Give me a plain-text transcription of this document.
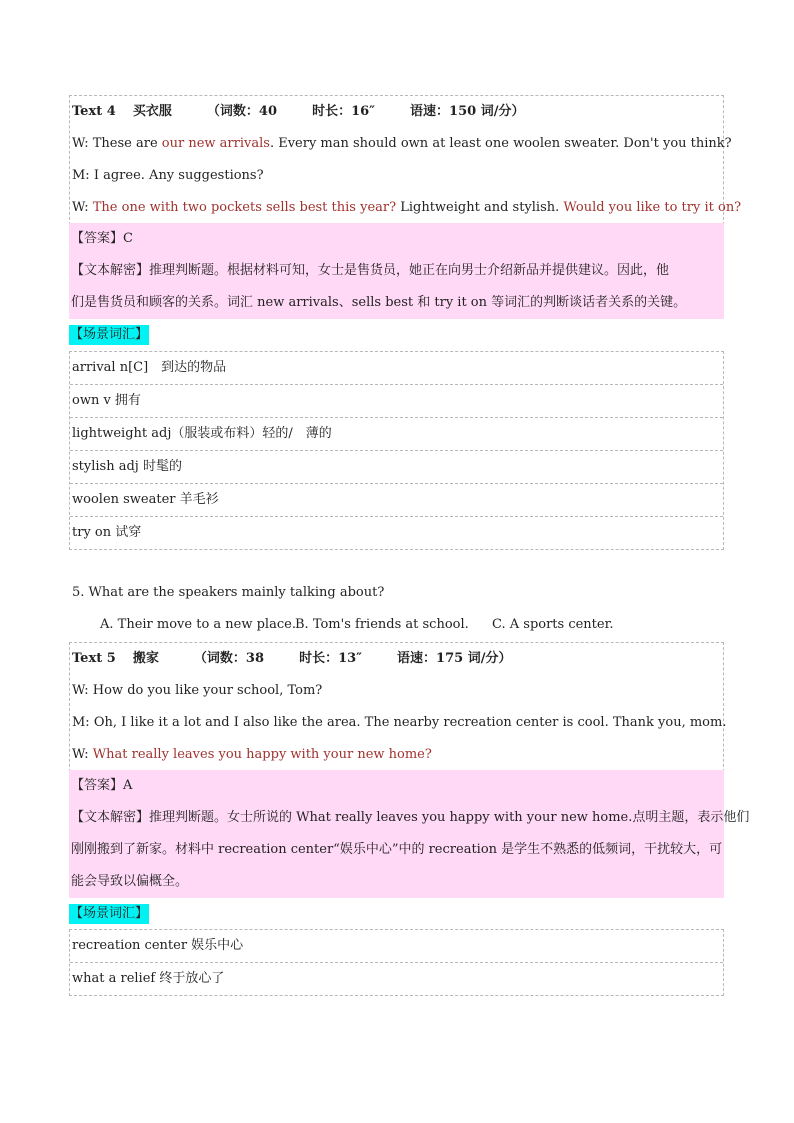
Text 4 买衣服	（词数：40	时长：16″	语速：150 词/分）
W: These are our new arrivals. Every man should own at least one woolen sweater. Don't you think?
M: I agree. Any suggestions?
W: The one with two pockets sells best this year? Lightweight and stylish. Would you like to try it on?
【答案】C
【文本解密】推理判断题。根据材料可知，女士是售货员，她正在向男士介绍新品并提供建议。因此，他
们是售货员和顾客的关系。词汇 new arrivals、sells best 和 try it on 等词汇的判断谈话者关系的关键。
【场景词汇】
arrival n[C]　到达的物品
own v 拥有
lightweight adj（服装或布料）轻的/　薄的
stylish adj 时髦的
woolen sweater 羊毛衫
try on 试穿
5. What are the speakers mainly talking about?
A. Their move to a new place. B. Tom's friends at school. C. A sports center.
Text 5 搬家	（词数：38	时长：13″	语速：175 词/分）
W: How do you like your school, Tom?
M: Oh, I like it a lot and I also like the area. The nearby recreation center is cool. Thank you, mom.
W: What really leaves you happy with your new home?
【答案】A
【文本解密】推理判断题。女士所说的 What really leaves you happy with your new home.点明主题，表示他们
刚刚搬到了新家。材料中 recreation center“娱乐中心”中的 recreation 是学生不熟悉的低频词，干扰较大，可
能会导致以偏概全。
【场景词汇】
recreation center 娱乐中心
what a relief 终于放心了
